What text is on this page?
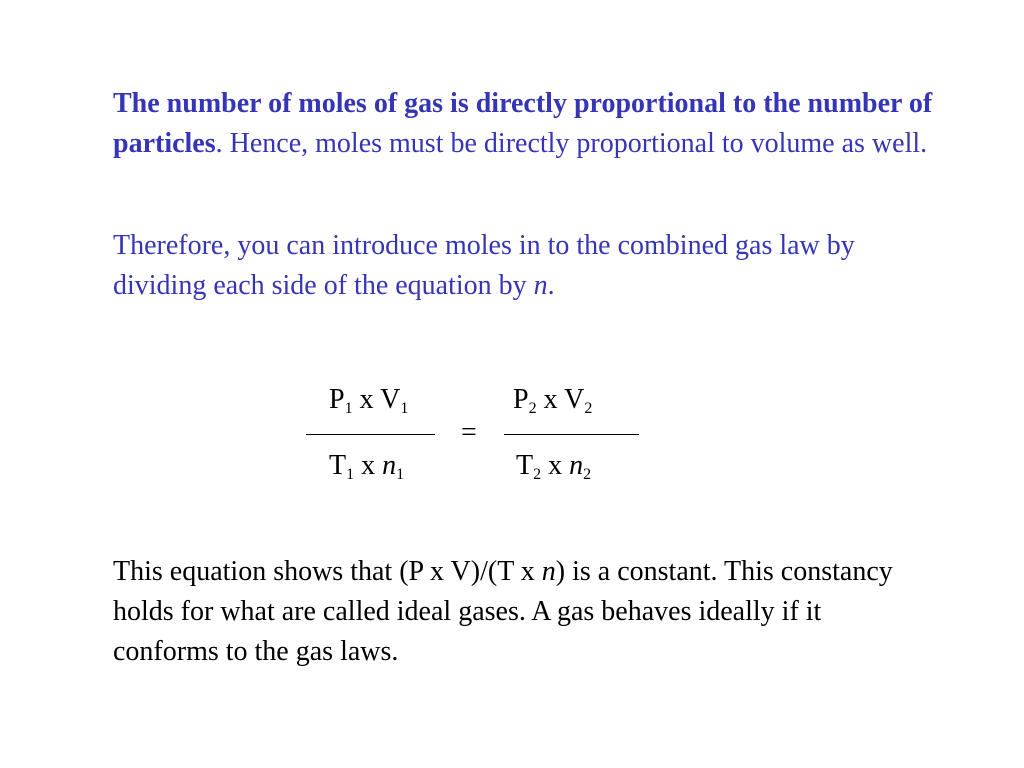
The number of moles of gas is directly proportional to the number of particles. Hence, moles must be directly proportional to volume as well.

Therefore, you can introduce moles in to the combined gas law by dividing each side of the equation by n.

$P_1$ x $V_1$
$T_1$ x $n_1$
=
$P_2$ x $V_2$
$T_2$ x $n_2$

This equation shows that (P x V)/(T x n) is a constant. This constancy holds for what are called ideal gases. A gas behaves ideally if it conforms to the gas laws.
